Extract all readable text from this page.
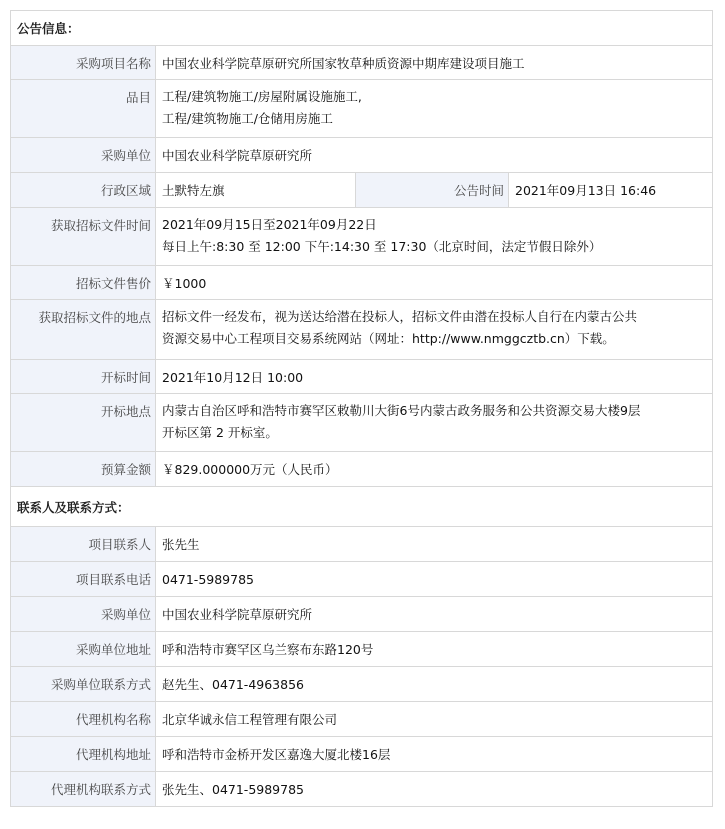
公告信息：			
采购项目名称	中国农业科学院草原研究所国家牧草种质资源中期库建设项目施工		
品目	工程/建筑物施工/房屋附属设施施工,
工程/建筑物施工/仓储用房施工		

采购单位	中国农业科学院草原研究所		
行政区域	土默特左旗	公告时间	2021年09月13日 16:46
获取招标文件时间	2021年09月15日至2021年09月22日
每日上午:8:30 至 12:00 下午:14:30 至 17:30（北京时间，法定节假日除外）		

招标文件售价	￥1000		
获取招标文件的地点	招标文件一经发布，视为送达给潜在投标人，招标文件由潜在投标人自行在内蒙古公共
资源交易中心工程项目交易系统网站（网址：http://www.nmggcztb.cn）下载。		

开标时间	2021年10月12日 10:00		
开标地点	内蒙古自治区呼和浩特市赛罕区敕勒川大街6号内蒙古政务服务和公共资源交易大楼9层
开标区第 2 开标室。		

预算金额	￥829.000000万元（人民币）		
联系人及联系方式：			
项目联系人	张先生		
项目联系电话	0471-5989785		
采购单位	中国农业科学院草原研究所		
采购单位地址	呼和浩特市赛罕区乌兰察布东路120号		
采购单位联系方式	赵先生、0471-4963856		
代理机构名称	北京华诚永信工程管理有限公司		
代理机构地址	呼和浩特市金桥开发区嘉逸大厦北楼16层		
代理机构联系方式	张先生、0471-5989785		
